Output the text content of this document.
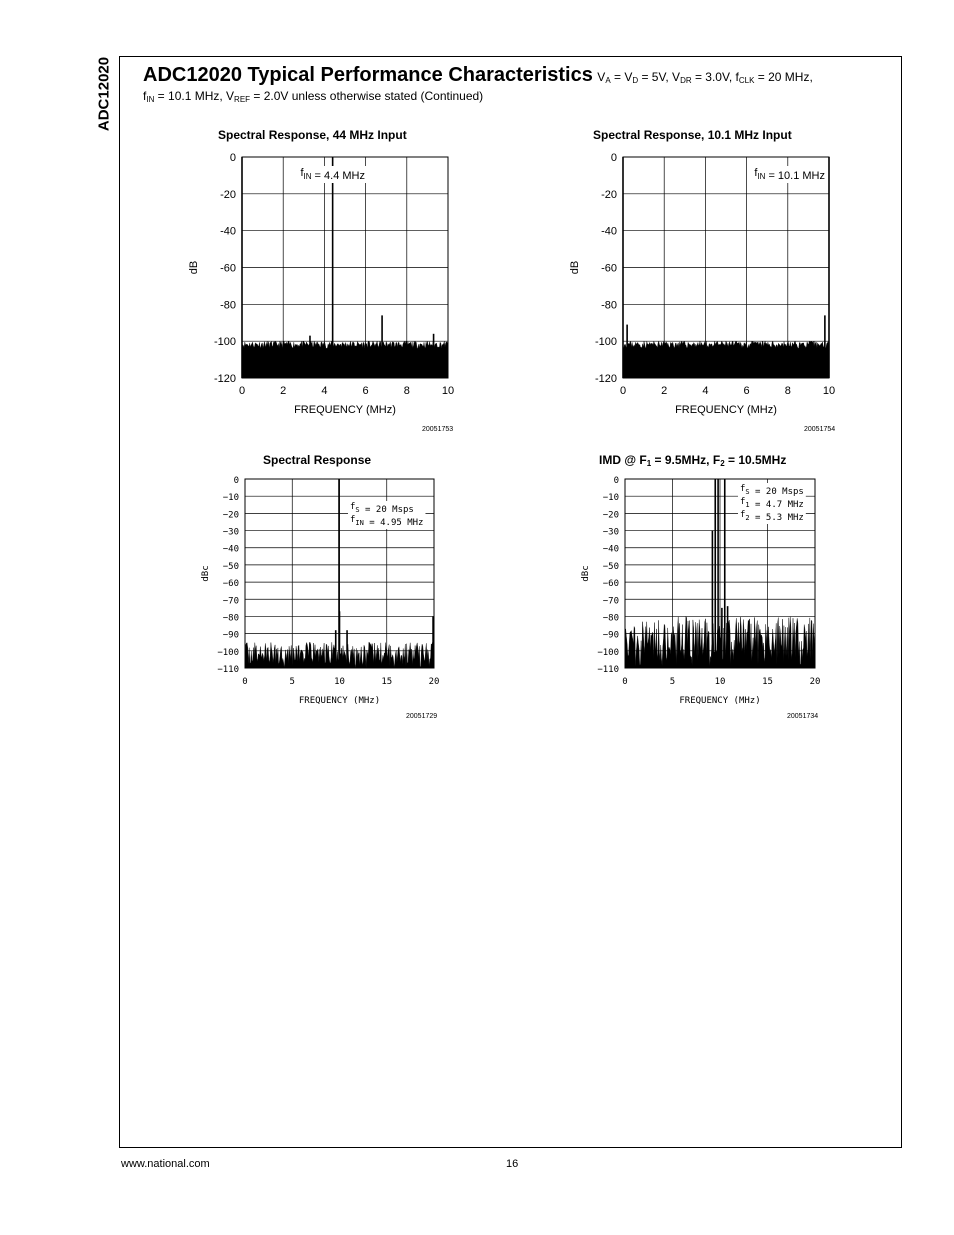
ADC12020 ADC12020 Typical Performance Characteristics $V_A = V_D = 5V$, $V_{DR} = 3.0V$, $f_{CLK} = 20$ MHz,
$f_{IN} = 10.1$ MHz, $V_{REF} = 2.0V$ unless otherwise stated (Continued)
Spectral Response, 44 MHz Input
0
-20
-40
-60
-80
-100
-120
0	2	4	6	8	10
FREQUENCY (MHz)
dB
$f_{IN} = 4.4$ MHz
20051753
Spectral Response, 10.1 MHz Input
0
-20
-40
-60
-80
-100
-120
0	2	4	6	8	10
FREQUENCY (MHz)
dB
$f_{IN} = 10.1$ MHz
20051754
Spectral Response
0
−10
−20
−30
−40
−50
−60
−70
−80
−90
−100
−110
0	5	10	15	20
FREQUENCY (MHz)
dBc
$f_S = 20$ Msps
$f_{IN} = 4.95$ MHz
20051729
IMD @ $F_1 = 9.5MHz$, $F_2 = 10.5MHz$
0
−10
−20
−30
−40
−50
−60
−70
−80
−90
−100
−110
0	5	10	15	20
FREQUENCY (MHz)
dBc
$f_S = 20$ Msps
$f_1 = 4.7$ MHz
$f_2 = 5.3$ MHz
20051734
www.national.com	16
